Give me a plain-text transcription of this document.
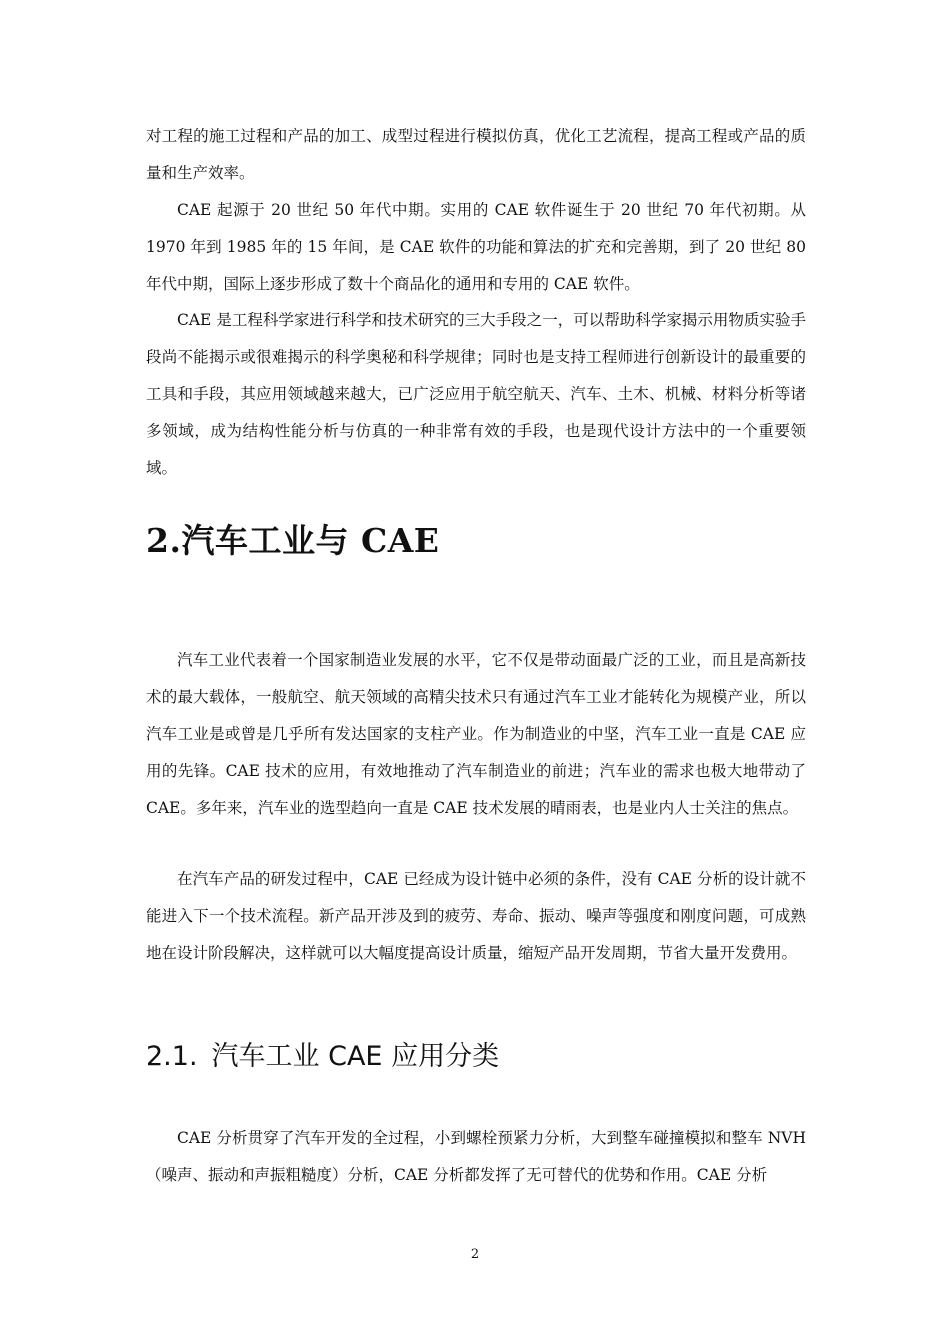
对工程的施工过程和产品的加工、成型过程进行模拟仿真，优化工艺流程，提高工程或产品的质量和生产效率。

CAE 起源于 20 世纪 50 年代中期。实用的 CAE 软件诞生于 20 世纪 70 年代初期。从 1970 年到 1985 年的 15 年间，是 CAE 软件的功能和算法的扩充和完善期，到了 20 世纪 80 年代中期，国际上逐步形成了数十个商品化的通用和专用的 CAE 软件。

CAE 是工程科学家进行科学和技术研究的三大手段之一，可以帮助科学家揭示用物质实验手段尚不能揭示或很难揭示的科学奥秘和科学规律；同时也是支持工程师进行创新设计的最重要的工具和手段，其应用领域越来越大，已广泛应用于航空航天、汽车、土木、机械、材料分析等诸多领域，成为结构性能分析与仿真的一种非常有效的手段，也是现代设计方法中的一个重要领域。

2.汽车工业与 CAE

汽车工业代表着一个国家制造业发展的水平，它不仅是带动面最广泛的工业，而且是高新技术的最大载体，一般航空、航天领域的高精尖技术只有通过汽车工业才能转化为规模产业，所以汽车工业是或曾是几乎所有发达国家的支柱产业。作为制造业的中坚，汽车工业一直是 CAE 应用的先锋。CAE 技术的应用，有效地推动了汽车制造业的前进；汽车业的需求也极大地带动了 CAE。多年来，汽车业的选型趋向一直是 CAE 技术发展的晴雨表，也是业内人士关注的焦点。

在汽车产品的研发过程中，CAE 已经成为设计链中必须的条件，没有 CAE 分析的设计就不能进入下一个技术流程。新产品开涉及到的疲劳、寿命、振动、噪声等强度和刚度问题，可成熟地在设计阶段解决，这样就可以大幅度提高设计质量，缩短产品开发周期，节省大量开发费用。

2.1. 汽车工业 CAE 应用分类

CAE 分析贯穿了汽车开发的全过程，小到螺栓预紧力分析，大到整车碰撞模拟和整车 NVH（噪声、振动和声振粗糙度）分析，CAE 分析都发挥了无可替代的优势和作用。CAE 分析

2
